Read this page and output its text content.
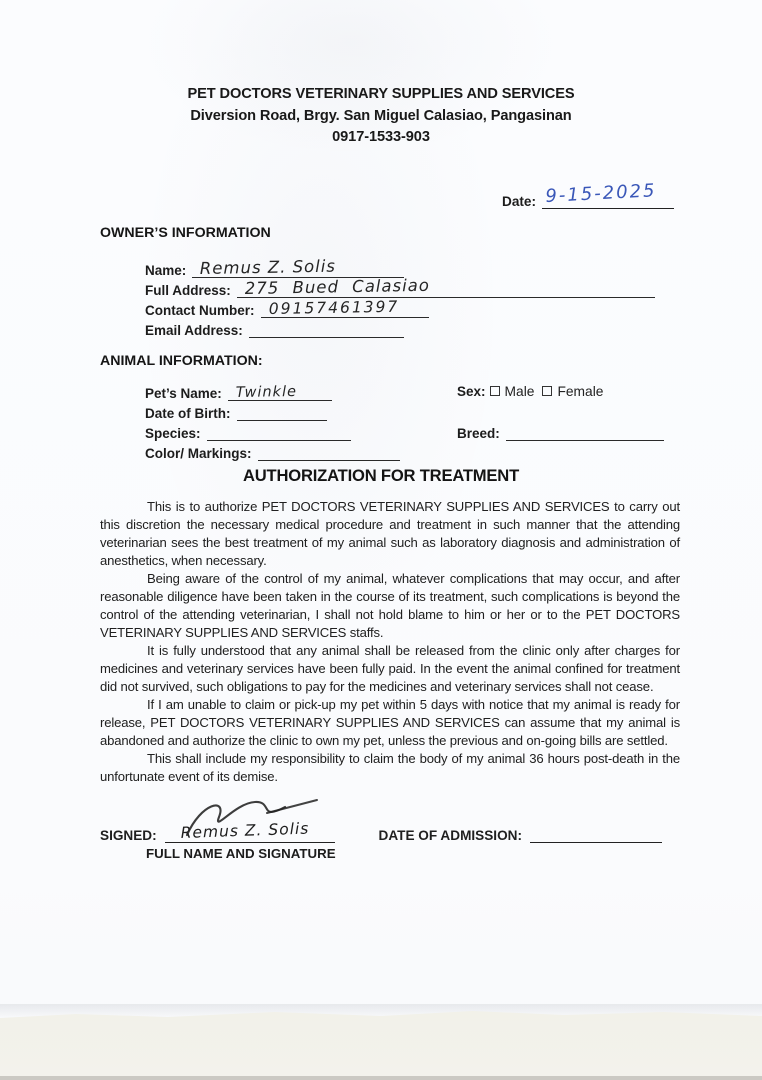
PET DOCTORS VETERINARY SUPPLIES AND SERVICES
Diversion Road, Brgy. San Miguel Calasiao, Pangasinan
0917-1533-903
Date: 9-15-2025
OWNER’S INFORMATION
Name: Remus Z. Solis
Full Address: 275 Bued Calasiao
Contact Number: 09157461397
Email Address:
ANIMAL INFORMATION:
Pet’s Name: Twinkle	Sex: Male Female
Date of Birth:
Species:	Breed:
Color/ Markings:
AUTHORIZATION FOR TREATMENT

This is to authorize PET DOCTORS VETERINARY SUPPLIES AND SERVICES to carry out this discretion the necessary medical procedure and treatment in such manner that the attending veterinarian sees the best treatment of my animal such as laboratory diagnosis and administration of anesthetics, when necessary.

Being aware of the control of my animal, whatever complications that may occur, and after reasonable diligence have been taken in the course of its treatment, such complications is beyond the control of the attending veterinarian, I shall not hold blame to him or her or to the PET DOCTORS VETERINARY SUPPLIES AND SERVICES staffs.

It is fully understood that any animal shall be released from the clinic only after charges for medicines and veterinary services have been fully paid. In the event the animal confined for treatment did not survived, such obligations to pay for the medicines and veterinary services shall not cease.

If I am unable to claim or pick-up my pet within 5 days with notice that my animal is ready for release, PET DOCTORS VETERINARY SUPPLIES AND SERVICES can assume that my animal is abandoned and authorize the clinic to own my pet, unless the previous and on-going bills are settled.

This shall include my responsibility to claim the body of my animal 36 hours post-death in the unfortunate event of its demise.

SIGNED: Remus Z. Solis	DATE OF ADMISSION:
FULL NAME AND SIGNATURE
